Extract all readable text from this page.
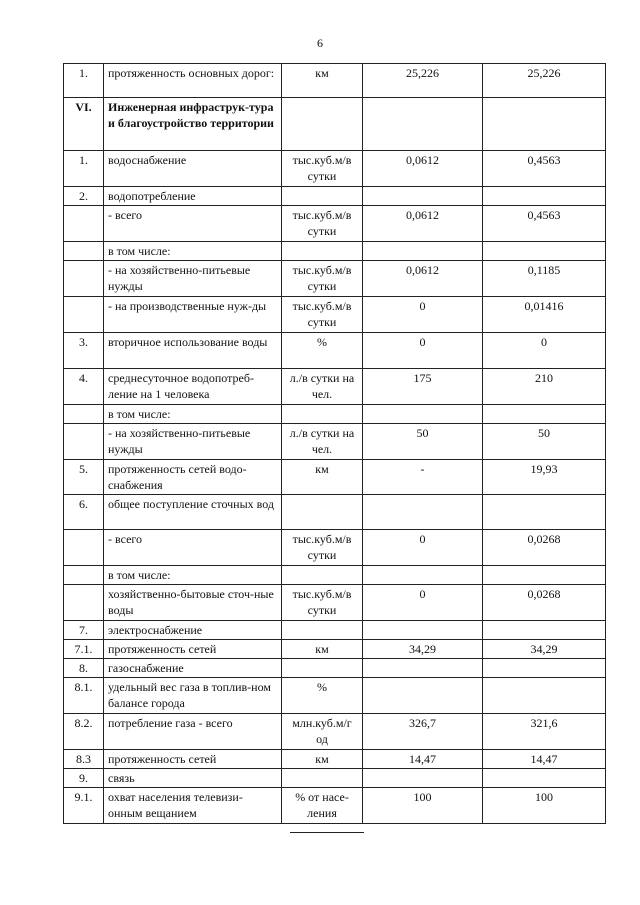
6
1.	протяженность основных дорог:	км	25,226	25,226
VI.	Инженерная инфраструк-тура и благоустройство территории			
1.	водоснабжение	тыс.куб.м/в сутки	0,0612	0,4563
2.	водопотребление			
	- всего	тыс.куб.м/в сутки	0,0612	0,4563
	в том числе:			
	- на хозяйственно-питьевые нужды	тыс.куб.м/в сутки	0,0612	0,1185
	- на производственные нуж-ды	тыс.куб.м/в сутки	0	0,01416
3.	вторичное использование воды	%	0	0
4.	среднесуточное водопотреб-ление на 1 человека	л./в сутки на чел.	175	210
	в том числе:			
	- на хозяйственно-питьевые нужды	л./в сутки на чел.	50	50
5.	протяженность сетей водо-снабжения	км	-	19,93
6.	общее поступление сточных вод			
	- всего	тыс.куб.м/в сутки	0	0,0268
	в том числе:			
	хозяйственно-бытовые сточ-ные воды	тыс.куб.м/в сутки	0	0,0268
7.	электроснабжение			
7.1.	протяженность сетей	км	34,29	34,29
8.	газоснабжение			
8.1.	удельный вес газа в топлив-ном балансе города	%		
8.2.	потребление газа - всего	млн.куб.м/г од	326,7	321,6
8.3	протяженность сетей	км	14,47	14,47
9.	связь			
9.1.	охват населения телевизи-онным вещанием	% от насе-ления	100	100
